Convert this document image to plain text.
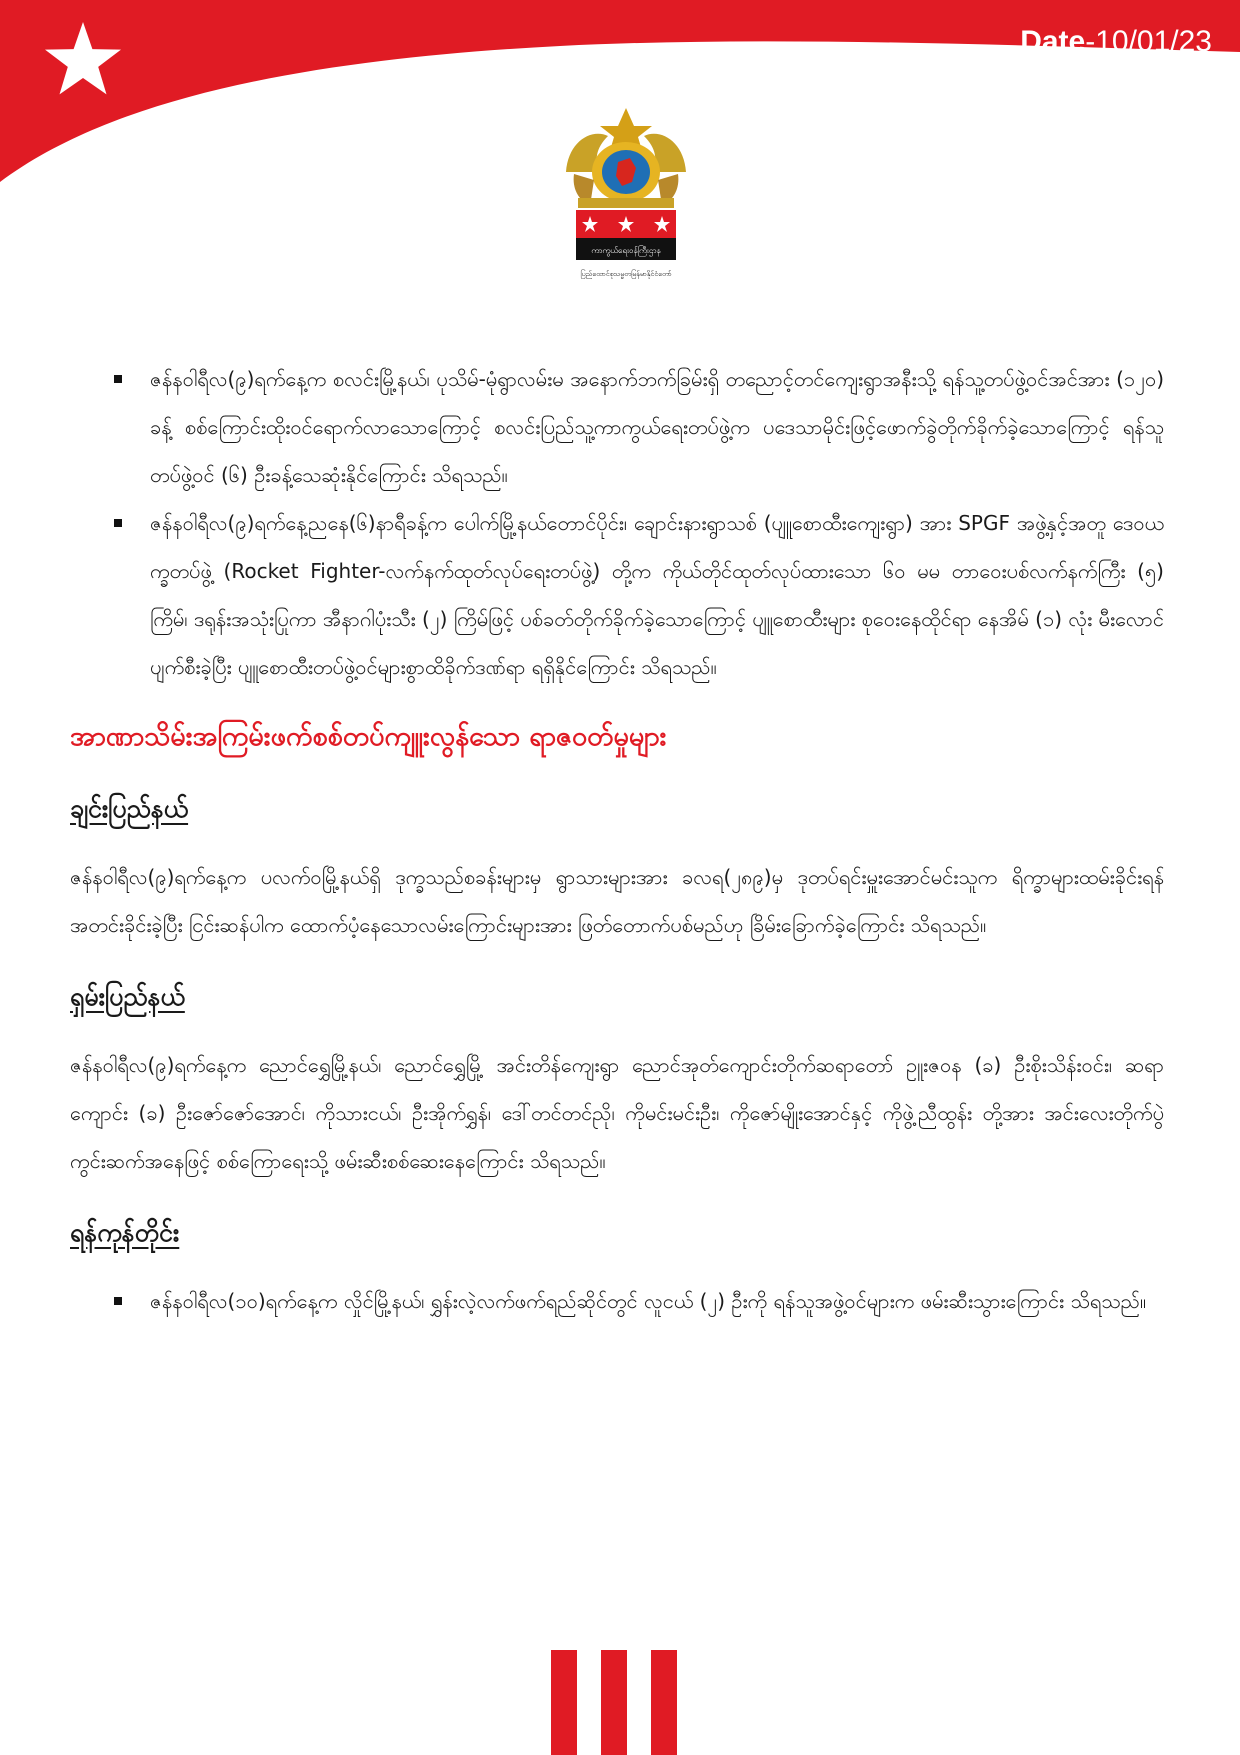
Date-10/01/23
ကာကွယ်ရေးဝန်ကြီးဌာန
ပြည်ထောင်စုသမ္မတမြန်မာနိုင်ငံတော်
ဇန်နဝါရီလ(၉)ရက်နေ့က စလင်းမြို့နယ်၊ ပုသိမ်-မုံရွာလမ်းမ အနောက်ဘက်ခြမ်းရှိ တညောင့်တင်ကျေးရွာအနီးသို့ ရန်သူ့တပ်ဖွဲ့ဝင်အင်အား (၁၂၀) ခန့် စစ်ကြောင်းထိုးဝင်ရောက်လာသောကြောင့် စလင်းပြည်သူ့ကာကွယ်ရေးတပ်ဖွဲ့က ပဒေသာမိုင်းဖြင့်ဖောက်ခွဲတိုက်ခိုက်ခဲ့သောကြောင့် ရန်သူတပ်ဖွဲ့ဝင် (၆) ဦးခန့်သေဆုံးနိုင်ကြောင်း သိရသည်။
ဇန်နဝါရီလ(၉)ရက်နေ့ညနေ(၆)နာရီခန့်က ပေါက်မြို့နယ်တောင်ပိုင်း၊ ချောင်းနားရွာသစ် (ပျူစောထီးကျေးရွာ) အား SPGF အဖွဲ့နှင့်အတူ ဒေဝယက္ခတပ်ဖွဲ့ (Rocket Fighter-လက်နက်ထုတ်လုပ်ရေးတပ်ဖွဲ့) တို့က ကိုယ်တိုင်ထုတ်လုပ်ထားသော ၆၀ မမ တာဝေးပစ်လက်နက်ကြီး (၅) ကြိမ်၊ ဒရုန်းအသုံးပြုကာ အီနာဂါပုံးသီး (၂) ကြိမ်ဖြင့် ပစ်ခတ်တိုက်ခိုက်ခဲ့သောကြောင့် ပျူစောထီးများ စုဝေးနေထိုင်ရာ နေအိမ် (၁) လုံး မီးလောင်ပျက်စီးခဲ့ပြီး ပျူစောထီးတပ်ဖွဲ့ဝင်များစွာထိခိုက်ဒဏ်ရာ ရရှိနိုင်ကြောင်း သိရသည်။
အာဏာသိမ်းအကြမ်းဖက်စစ်တပ်ကျူးလွန်သော ရာဇဝတ်မှုများ
ချင်းပြည်နယ်

ဇန်နဝါရီလ(၉)ရက်နေ့က ပလက်ဝမြို့နယ်ရှိ ဒုက္ခသည်စခန်းများမှ ရွာသားများအား ခလရ(၂၈၉)မှ ဒုတပ်ရင်းမှူးအောင်မင်းသူက ရိက္ခာများထမ်းခိုင်းရန် အတင်းခိုင်းခဲ့ပြီး ငြင်းဆန်ပါက ထောက်ပံ့နေသောလမ်းကြောင်းများအား ဖြတ်တောက်ပစ်မည်ဟု ခြိမ်းခြောက်ခဲ့ကြောင်း သိရသည်။

ရှမ်းပြည်နယ်

ဇန်နဝါရီလ(၉)ရက်နေ့က ညောင်ရွှေမြို့နယ်၊ ညောင်ရွှေမြို့ အင်းတိန်ကျေးရွာ ညောင်အုတ်ကျောင်းတိုက်ဆရာတော် ဥူးဇဝန (ခ) ဦးစိုးသိန်းဝင်း၊ ဆရာကျောင်း (ခ) ဦးဇော်ဇော်အောင်၊ ကိုသားငယ်၊ ဦးအိုက်ရွှန်၊ ဒေါ်တင်တင်ညို၊ ကိုမင်းမင်းဦး၊ ကိုဇော်မျိုးအောင်နှင့် ကိုဖွဲ့ညီထွန်း တို့အား အင်းလေးတိုက်ပွဲကွင်းဆက်အနေဖြင့် စစ်ကြောရေးသို့ ဖမ်းဆီးစစ်ဆေးနေကြောင်း သိရသည်။

ရန်ကုန်တိုင်း
ဇန်နဝါရီလ(၁၀)ရက်နေ့က လှိုင်မြို့နယ်၊ ရွှန်းလဲ့လက်ဖက်ရည်ဆိုင်တွင် လူငယ် (၂) ဦးကို ရန်သူအဖွဲ့ဝင်များက ဖမ်းဆီးသွားကြောင်း သိရသည်။
